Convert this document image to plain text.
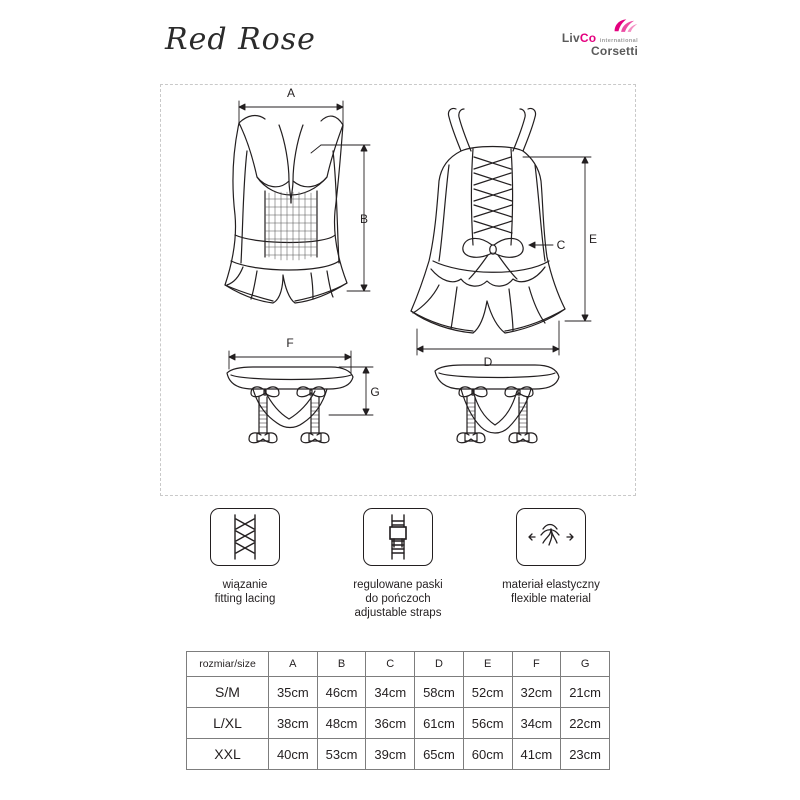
Red Rose	LivCo international
Corsetti
A
B
C
D
E
F
G
wiązanie
fitting lacing
regulowane paski
do pończoch
adjustable straps
materiał elastyczny
flexible material
rozmiar/size	A	B	C	D	E	F	G
S/M	35cm	46cm	34cm	58cm	52cm	32cm	21cm
L/XL	38cm	48cm	36cm	61cm	56cm	34cm	22cm
XXL	40cm	53cm	39cm	65cm	60cm	41cm	23cm
